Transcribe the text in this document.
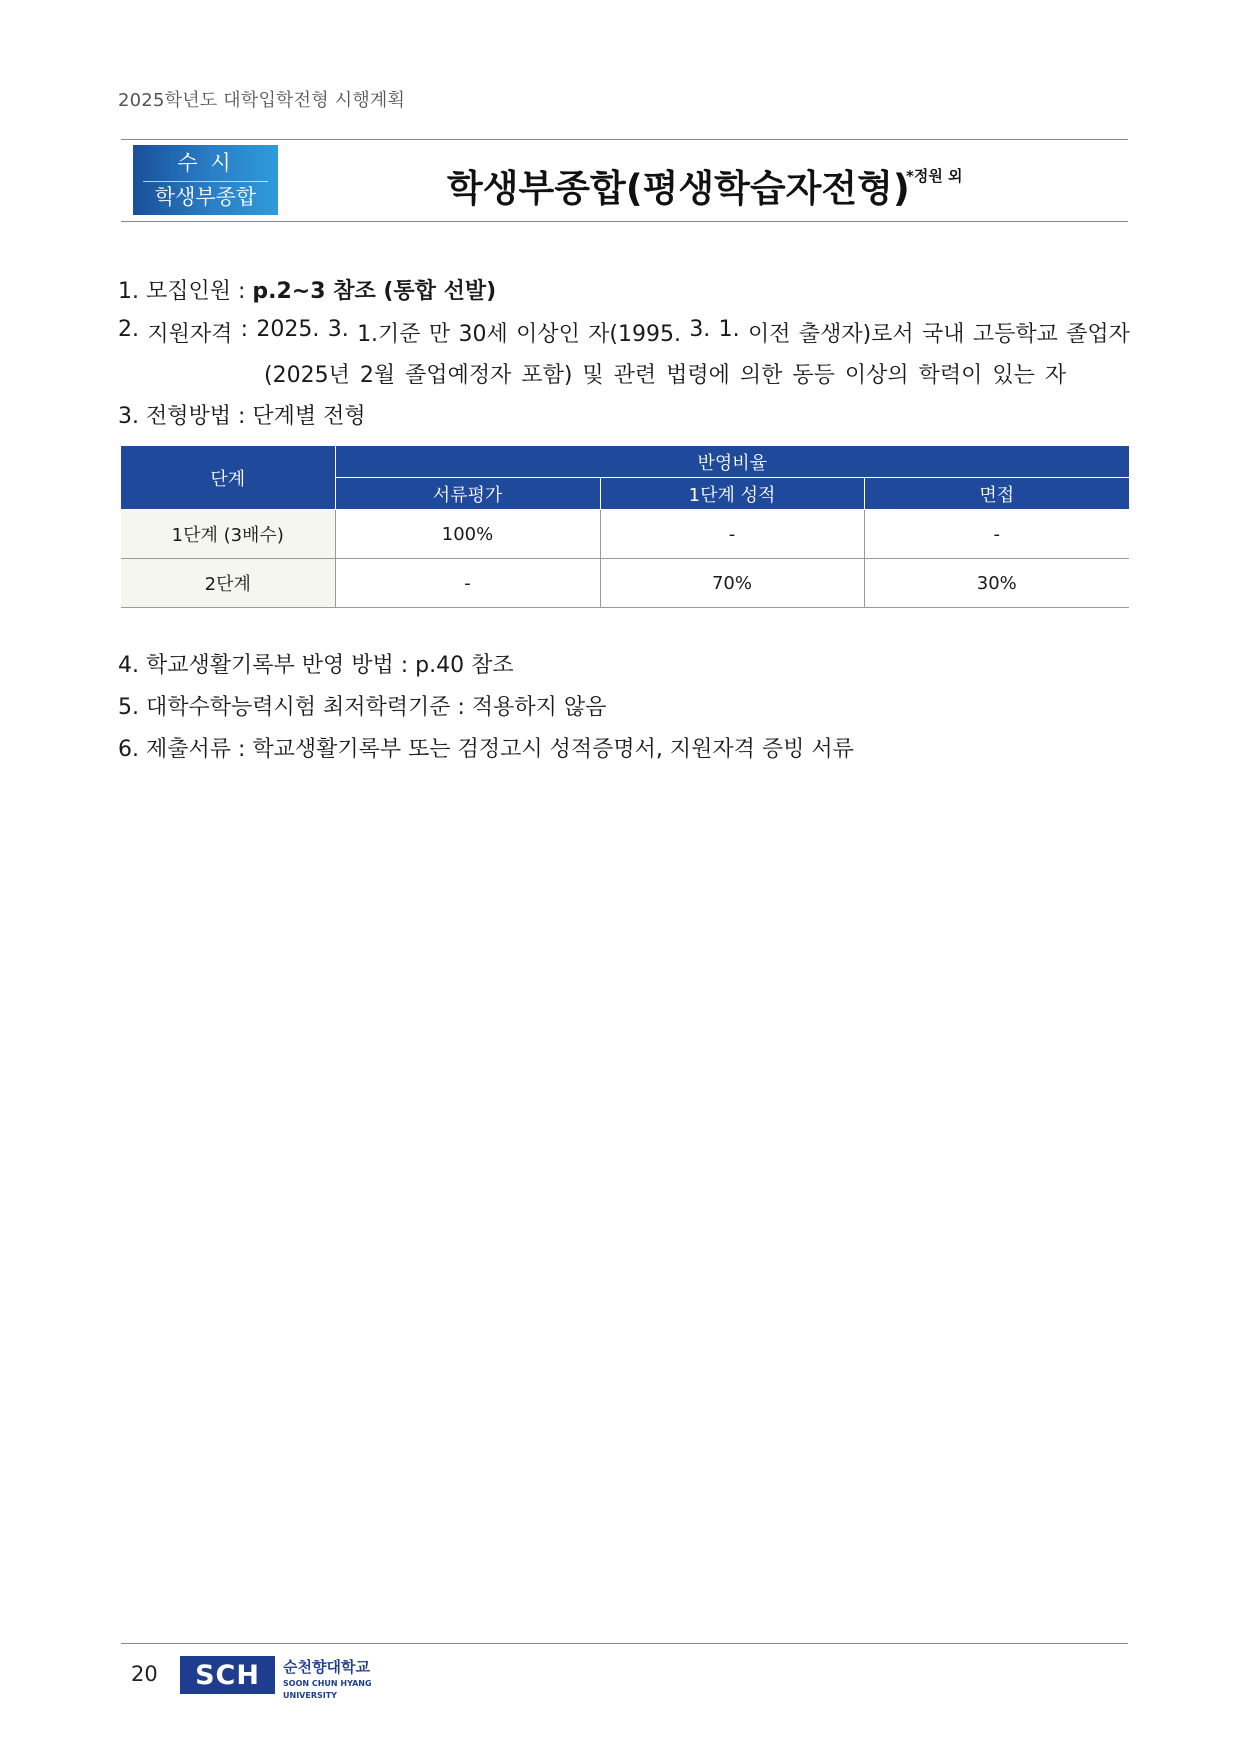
2025학년도 대학입학전형 시행계획
수 시
학생부종합	학생부종합(평생학습자전형)
*정원 외
1. 모집인원 : p.2~3 참조 (통합 선발)
2. 지원자격 : 2025. 3. 1.기준 만 30세 이상인 자(1995. 3. 1. 이전 출생자)로서 국내 고등학교 졸업자
(2025년 2월 졸업예정자 포함) 및 관련 법령에 의한 동등 이상의 학력이 있는 자
3. 전형방법 : 단계별 전형
단계	반영비율		
	서류평가	1단계 성적	면접
1단계 (3배수)	100%	-	-
2단계	-	70%	30%
4. 학교생활기록부 반영 방법 : p.40 참조
5. 대학수학능력시험 최저학력기준 : 적용하지 않음
6. 제출서류 : 학교생활기록부 또는 검정고시 성적증명서, 지원자격 증빙 서류
20	SCH	순천향대학교
SOON CHUN HYANG
UNIVERSITY
